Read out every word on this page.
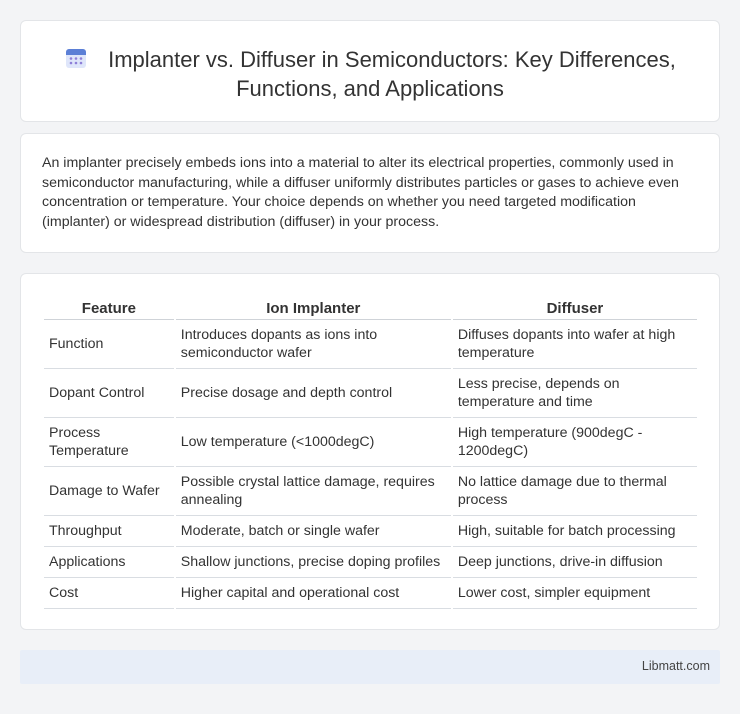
Implanter vs. Diffuser in Semiconductors: Key Differences, Functions, and Applications

An implanter precisely embeds ions into a material to alter its electrical properties, commonly used in semiconductor manufacturing, while a diffuser uniformly distributes particles or gases to achieve even concentration or temperature. Your choice depends on whether you need targeted modification (implanter) or widespread distribution (diffuser) in your process.

Feature	Ion Implanter	Diffuser
Function	Introduces dopants as ions into semiconductor wafer	Diffuses dopants into wafer at high temperature
Dopant Control	Precise dosage and depth control	Less precise, depends on temperature and time
Process Temperature	Low temperature (<1000degC)	High temperature (900degC - 1200degC)
Damage to Wafer	Possible crystal lattice damage, requires annealing	No lattice damage due to thermal process
Throughput	Moderate, batch or single wafer	High, suitable for batch processing
Applications	Shallow junctions, precise doping profiles	Deep junctions, drive-in diffusion
Cost	Higher capital and operational cost	Lower cost, simpler equipment
Libmatt.com
